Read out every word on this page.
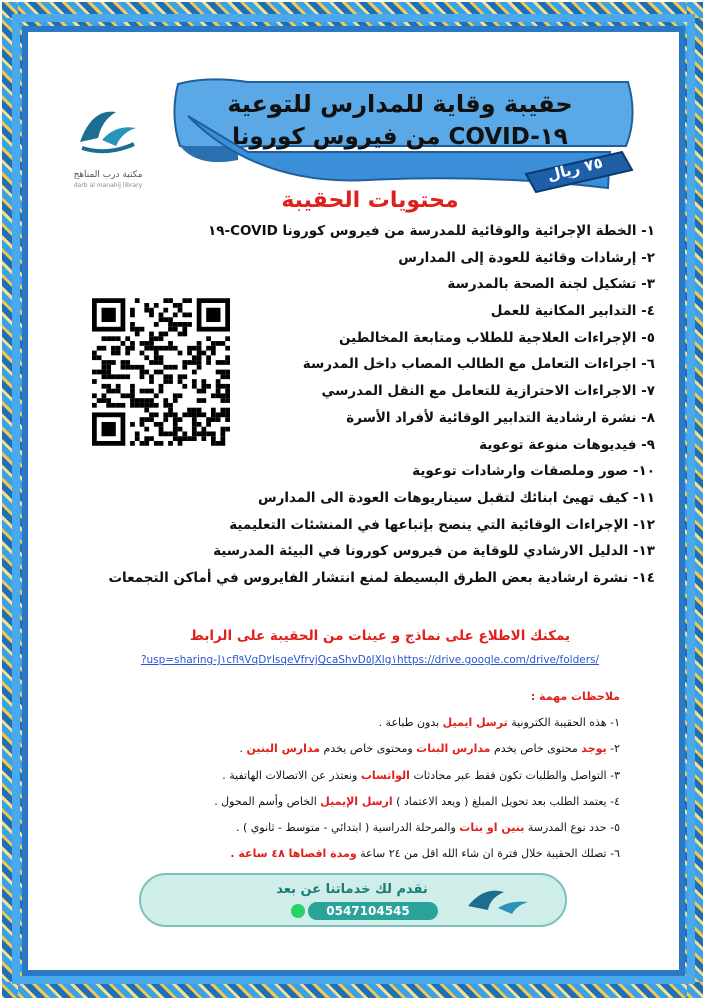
مكتبة درب المناهج
darb al manahij library
حقيبة وقاية للمدارس للتوعية
من فيروس كورونا COVID-١٩
٧٥ ريال
محتويات الحقيبة
١- الخطة الإجرائية والوقائية للمدرسة من فيروس كورونا COVID-١٩
٢- إرشادات وقائية للعودة إلى المدارس
٣- تشكيل لجنة الصحة بالمدرسة
٤- التدابير المكانية للعمل
٥- الإجراءات العلاجية للطلاب ومتابعة المخالطين
٦- اجراءات التعامل مع الطالب المصاب داخل المدرسة
٧- الاجراءات الاحترازية للتعامل مع النقل المدرسي
٨- نشرة ارشادية التدابير الوقائية لأفراد الأسرة
٩- فيديوهات منوعة توعوية
١٠- صور وملصقات وارشادات توعوية
١١- كيف تهيئ ابنائك لتقبل سيناريوهات العودة الى المدارس
١٢- الإجراءات الوقائية التي ينصح بإتباعها في المنشئات التعليمية
١٣- الدليل الارشادي للوقاية من فيروس كورونا في البيئة المدرسية
١٤- نشرة ارشادية بعض الطرق البسيطة لمنع انتشار الفايروس في أماكن التجمعات
يمكنك الاطلاع على نماذج و عينات من الحقيبة على الرابط
?usp=sharing-J١cfl٩VqD٢lsqeVfrvjQcaShvD٥JXlg١https://drive.google.com/drive/folders/
ملاحظات مهمة :
١- هذه الحقيبة الكترونية ترسل ايميل بدون طباعة .
٢- يوجد محتوى خاص يخدم مدارس البنات ومحتوى خاص يخدم مدارس البنين .
٣- التواصل والطلبات تكون فقط عبر محادثات الواتساب ونعتذر عن الاتصالات الهاتفية .
٤- يعتمد الطلب بعد تحويل المبلغ ( ويعد الاعتماد ) ارسل الإيميل الخاص وأسم المحول .
٥- حدد نوع المدرسة بنين او بنات والمرحلة الدراسية ( ابتدائي - متوسط - ثانوي ) .
٦- تصلك الحقيبة خلال فترة ان شاء الله اقل من ٢٤ ساعة ومدة اقصاها ٤٨ ساعة .
نقدم لك خدماتنا عن بعد
0547104545
